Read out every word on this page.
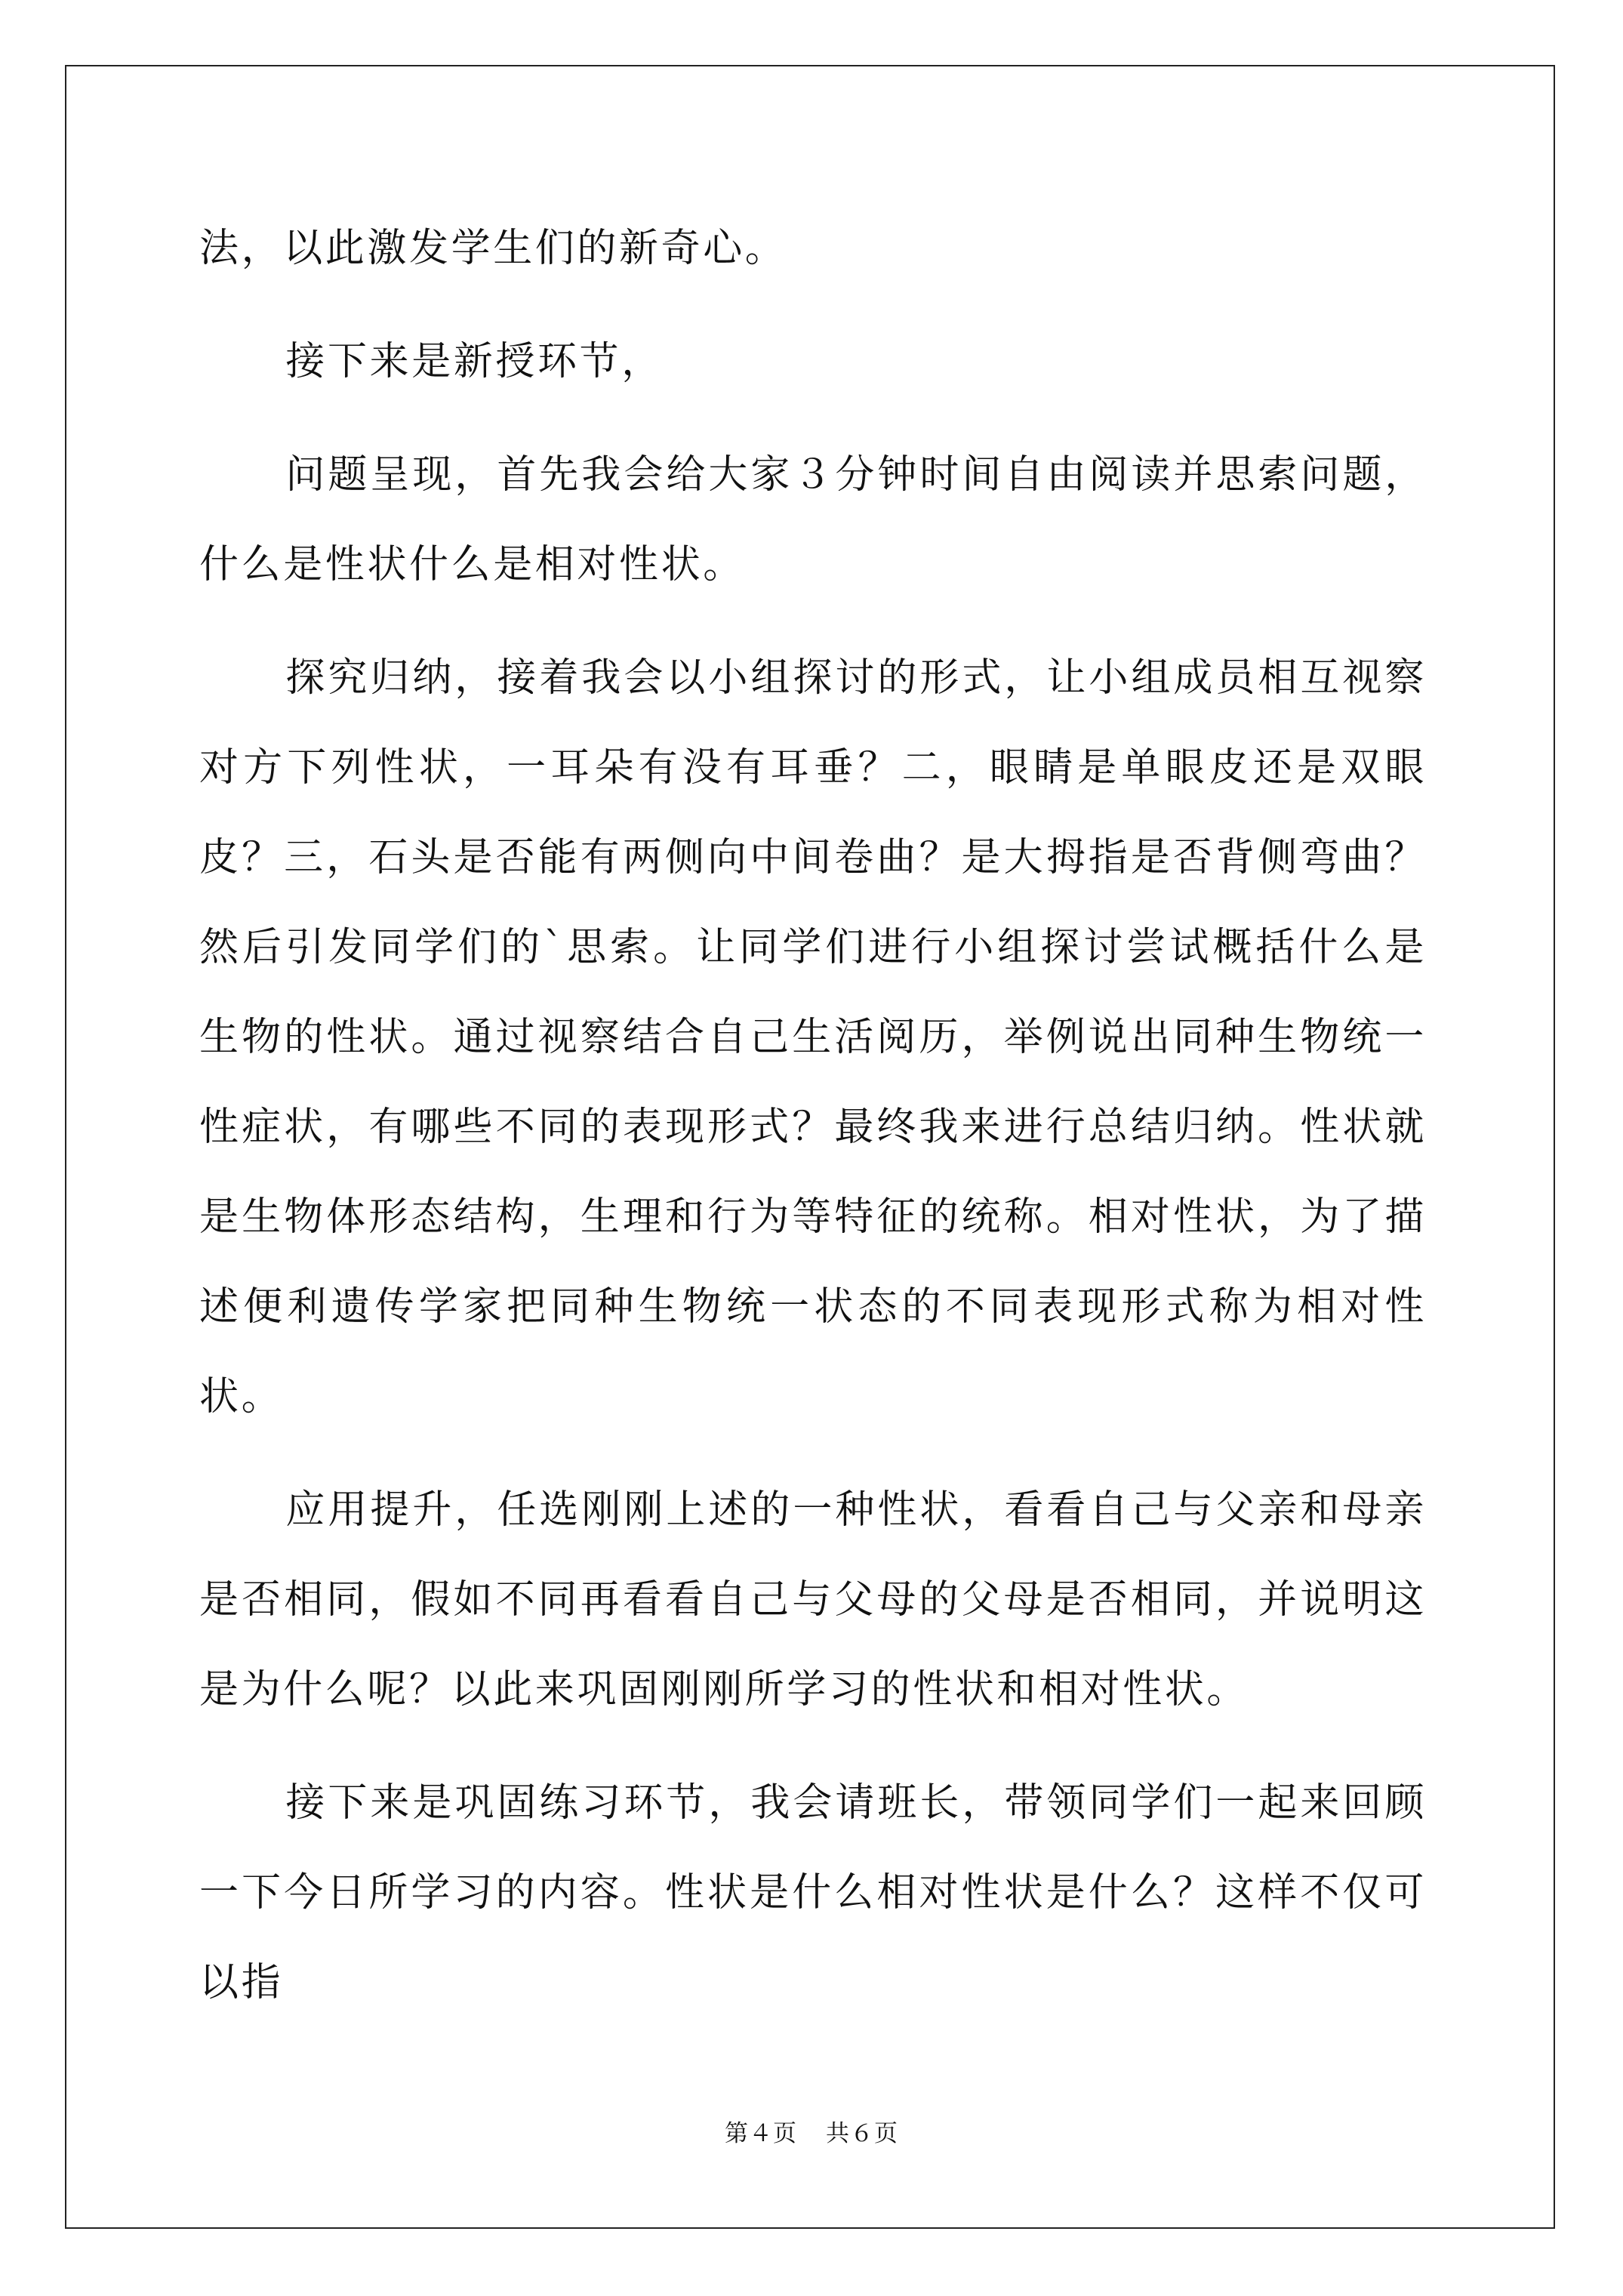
法，以此激发学生们的新奇心。

接下来是新授环节，

问题呈现，首先我会给大家３分钟时间自由阅读并思索问题，什么是性状什么是相对性状。

探究归纳，接着我会以小组探讨的形式，让小组成员相互视察对方下列性状，一耳朵有没有耳垂？二，眼睛是单眼皮还是双眼皮？三，石头是否能有两侧向中间卷曲？是大拇指是否背侧弯曲？然后引发同学们的`思索。让同学们进行小组探讨尝试概括什么是生物的性状。通过视察结合自己生活阅历，举例说出同种生物统一性症状，有哪些不同的表现形式？最终我来进行总结归纳。性状就是生物体形态结构，生理和行为等特征的统称。相对性状，为了描述便利遗传学家把同种生物统一状态的不同表现形式称为相对性状。

应用提升，任选刚刚上述的一种性状，看看自己与父亲和母亲是否相同，假如不同再看看自己与父母的父母是否相同，并说明这是为什么呢？以此来巩固刚刚所学习的性状和相对性状。

接下来是巩固练习环节，我会请班长，带领同学们一起来回顾一下今日所学习的内容。性状是什么相对性状是什么？这样不仅可以指

第４页 共６页
